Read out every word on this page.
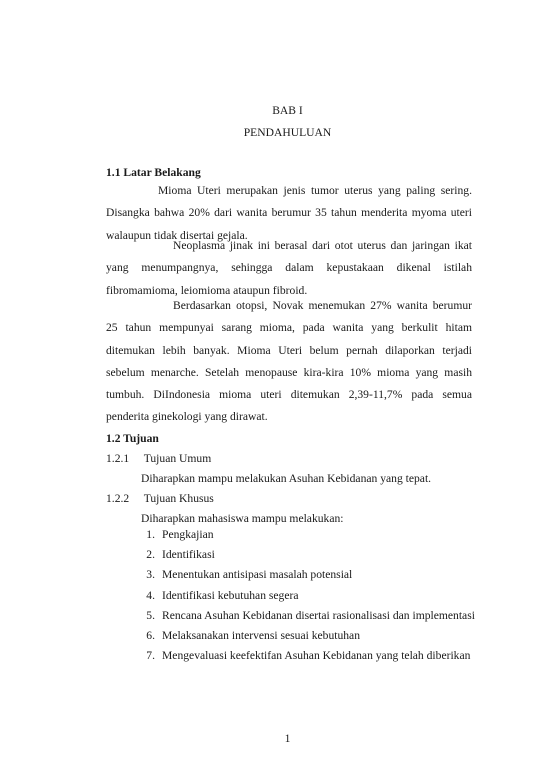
BAB I
PENDAHULUAN
1.1 Latar Belakang

Mioma Uteri merupakan jenis tumor uterus yang paling sering. Disangka bahwa 20% dari wanita berumur 35 tahun menderita myoma uteri walaupun tidak disertai gejala.

Neoplasma jinak ini berasal dari otot uterus dan jaringan ikat yang menumpangnya, sehingga dalam kepustakaan dikenal istilah fibromamioma, leiomioma ataupun fibroid.

Berdasarkan otopsi, Novak menemukan 27% wanita berumur 25 tahun mempunyai sarang mioma, pada wanita yang berkulit hitam ditemukan lebih banyak. Mioma Uteri belum pernah dilaporkan terjadi sebelum menarche. Setelah menopause kira-kira 10% mioma yang masih tumbuh. DiIndonesia mioma uteri ditemukan 2,39-11,7% pada semua penderita ginekologi yang dirawat.

1.2 Tujuan
1.2.1 Tujuan Umum
Diharapkan mampu melakukan Asuhan Kebidanan yang tepat.
1.2.2 Tujuan Khusus
Diharapkan mahasiswa mampu melakukan:
1. Pengkajian
2. Identifikasi
3. Menentukan antisipasi masalah potensial
4. Identifikasi kebutuhan segera
5. Rencana Asuhan Kebidanan disertai rasionalisasi dan implementasi
6. Melaksanakan intervensi sesuai kebutuhan
7. Mengevaluasi keefektifan Asuhan Kebidanan yang telah diberikan
1
